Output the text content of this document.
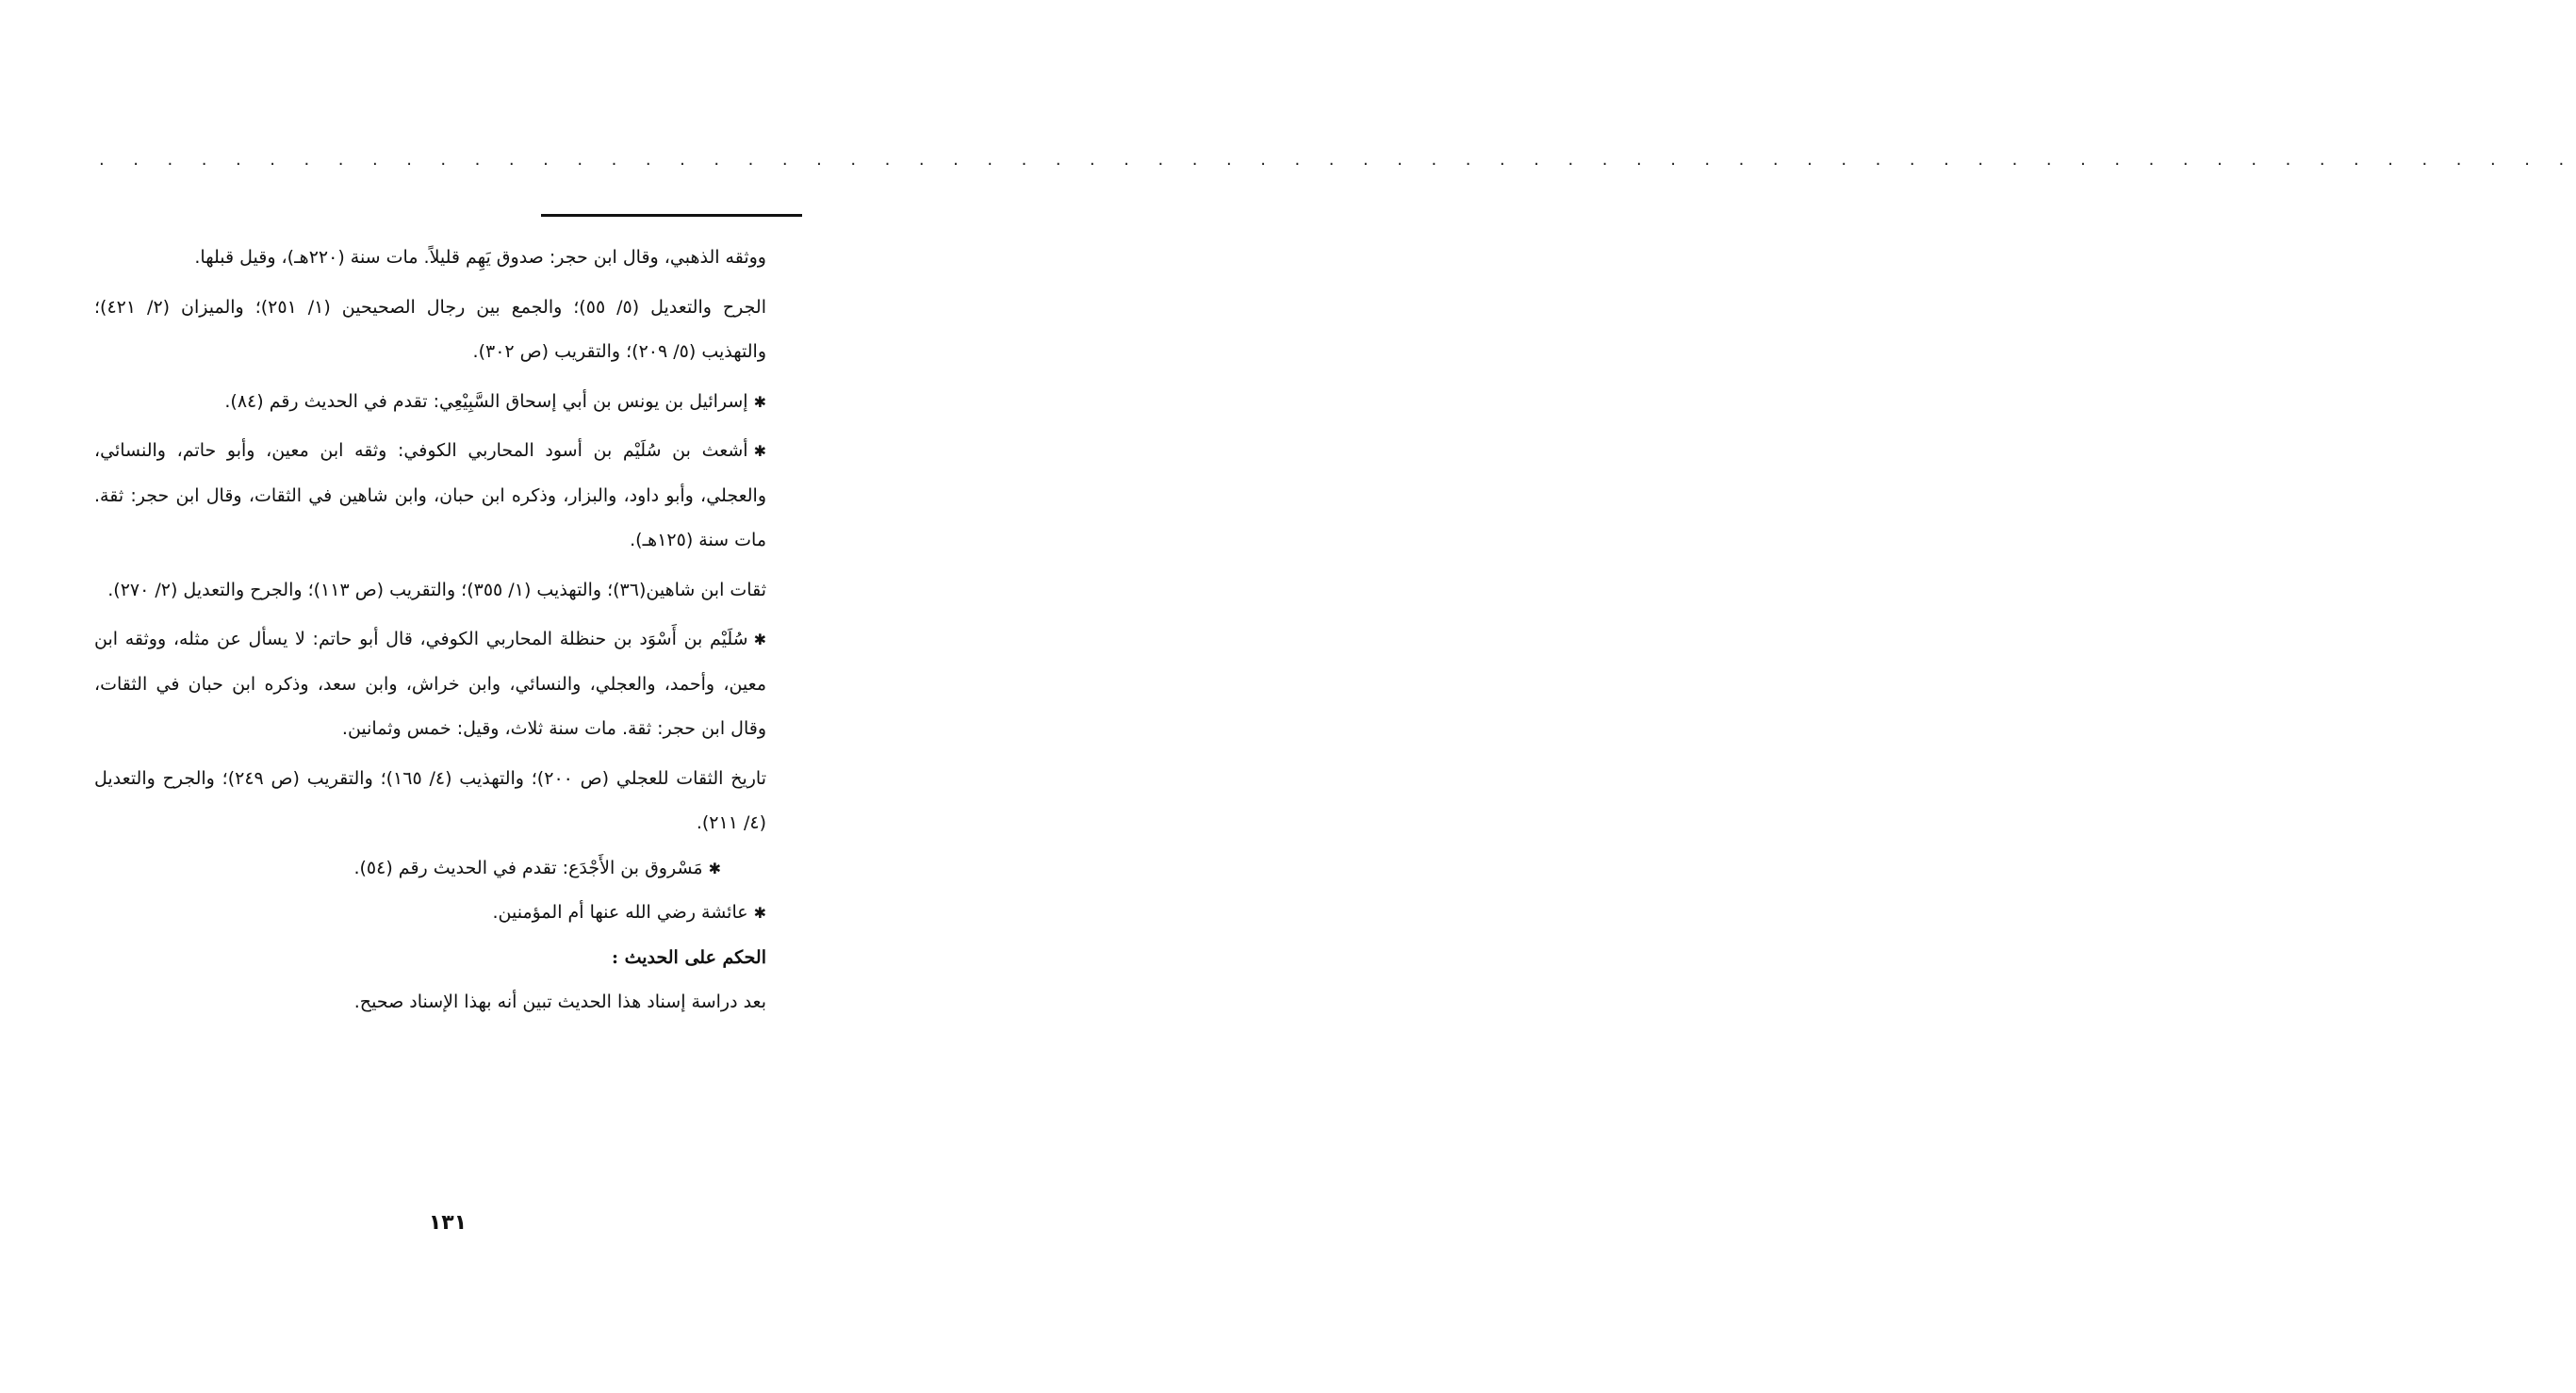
. . . . . . . . . . . . . . . . . . . . . . . . . . . . . . . . . . . . . . . . . . . . . . . . . . . . . . . . . . . . . . . . . . . . . . . . .

ووثقه الذهبي، وقال ابن حجر: صدوق يَهِم قليلاً. مات سنة (٢٢٠هـ)، وقيل قبلها.

الجرح والتعديل (٥/ ٥٥)؛ والجمع بين رجال الصحيحين (١/ ٢٥١)؛ والميزان (٢/ ٤٢١)؛ والتهذيب (٥/ ٢٠٩)؛ والتقريب (ص ٣٠٢).

✱إسرائيل بن يونس بن أبي إسحاق السَّبِيْعِي: تقدم في الحديث رقم (٨٤).

✱أشعث بن سُلَيْم بن أسود المحاربي الكوفي: وثقه ابن معين، وأبو حاتم، والنسائي، والعجلي، وأبو داود، والبزار، وذكره ابن حبان، وابن شاهين في الثقات، وقال ابن حجر: ثقة. مات سنة (١٢٥هـ).

ثقات ابن شاهين(٣٦)؛ والتهذيب (١/ ٣٥٥)؛ والتقريب (ص ١١٣)؛ والجرح والتعديل (٢/ ٢٧٠).

✱سُلَيْم بن أَسْوَد بن حنظلة المحاربي الكوفي، قال أبو حاتم: لا يسأل عن مثله، ووثقه ابن معين، وأحمد، والعجلي، والنسائي، وابن خراش، وابن سعد، وذكره ابن حبان في الثقات، وقال ابن حجر: ثقة. مات سنة ثلاث، وقيل: خمس وثمانين.

تاريخ الثقات للعجلي (ص ٢٠٠)؛ والتهذيب (٤/ ١٦٥)؛ والتقريب (ص ٢٤٩)؛ والجرح والتعديل (٤/ ٢١١).

✱مَسْروق بن الأَجْدَع: تقدم في الحديث رقم (٥٤).

✱عائشة رضي الله عنها أم المؤمنين.

الحكم على الحديث :

بعد دراسة إسناد هذا الحديث تبين أنه بهذا الإسناد صحيح.

١٣١
